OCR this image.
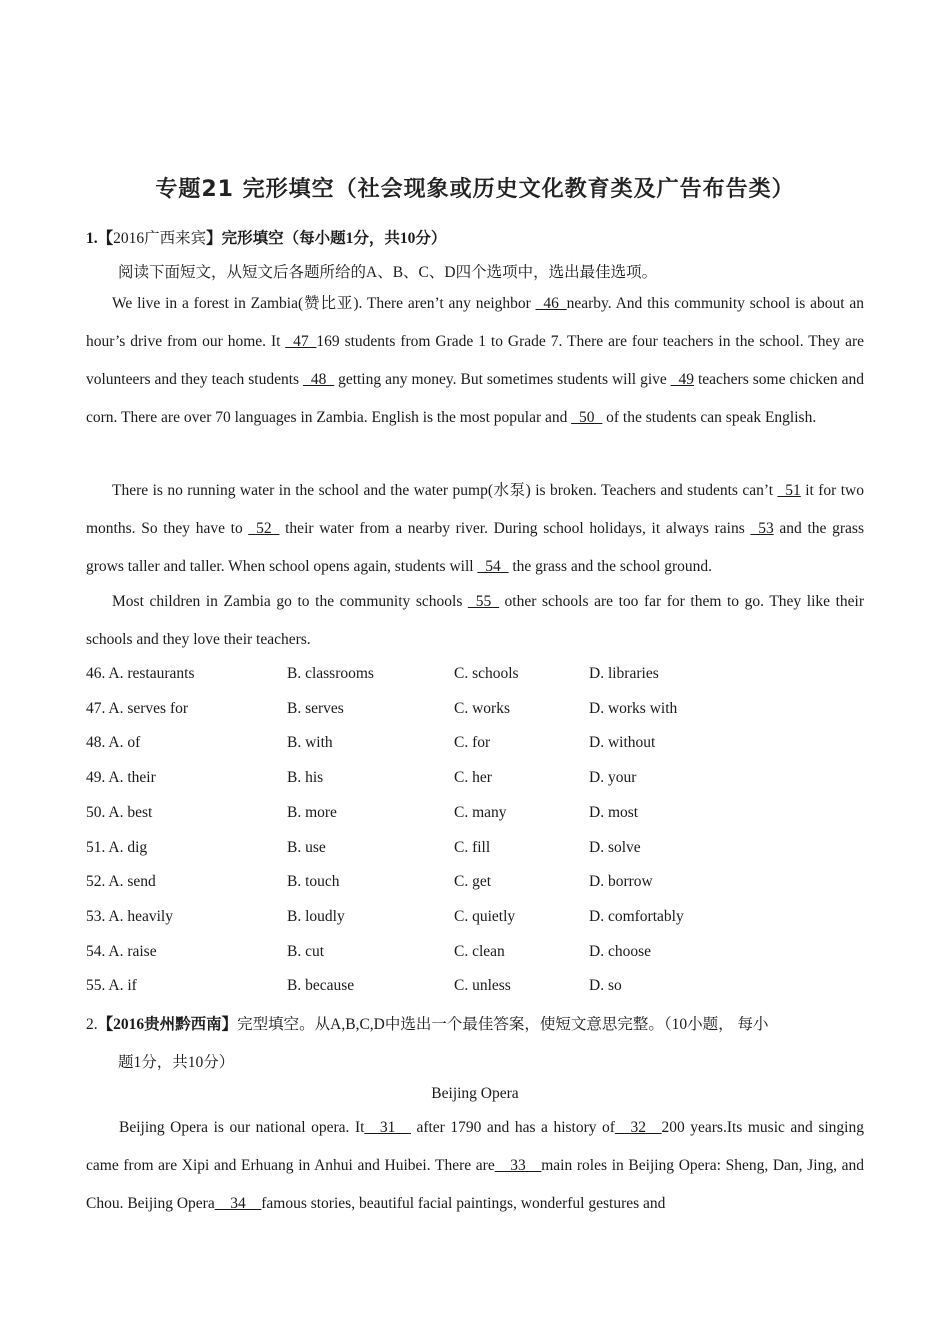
专题21 完形填空（社会现象或历史文化教育类及广告布告类）
1.【2016广西来宾】完形填空（每小题1分，共10分）
阅读下面短文，从短文后各题所给的A、B、C、D四个选项中，选出最佳选项。
We live in a forest in Zambia(赞比亚). There aren’t any neighbor _46_nearby. And this community school is about an hour’s drive from our home. It _47_169 students from Grade 1 to Grade 7. There are four teachers in the school. They are volunteers and they teach students _48_ getting any money. But sometimes students will give _49 teachers some chicken and corn. There are over 70 languages in Zambia. English is the most popular and _50_ of the students can speak English.
There is no running water in the school and the water pump(水泵) is broken. Teachers and students can’t _51 it for two months. So they have to _52_ their water from a nearby river. During school holidays, it always rains _53 and the grass grows taller and taller. When school opens again, students will _54_ the grass and the school ground.
Most children in Zambia go to the community schools _55_ other schools are too far for them to go. They like their schools and they love their teachers.
46. A. restaurants	B. classrooms	C. schools	D. libraries
47. A. serves for	B. serves	C. works	D. works with
48. A. of	B. with	C. for	D. without
49. A. their	B. his	C. her	D. your
50. A. best	B. more	C. many	D. most
51. A. dig	B. use	C. fill	D. solve
52. A. send	B. touch	C. get	D. borrow
53. A. heavily	B. loudly	C. quietly	D. comfortably
54. A. raise	B. cut	C. clean	D. choose
55. A. if	B. because	C. unless	D. so
2.【2016贵州黔西南】完型填空。从A,B,C,D中选出一个最佳答案，使短文意思完整。（10小题， 每小
题1分，共10分）
Beijing Opera
Beijing Opera is our national opera. It__31__ after 1790 and has a history of__32__200 years.Its music and singing came from are Xipi and Erhuang in Anhui and Huibei. There are__33__main roles in Beijing Opera: Sheng, Dan, Jing, and Chou. Beijing Opera__34__famous stories, beautiful facial paintings, wonderful gestures and
